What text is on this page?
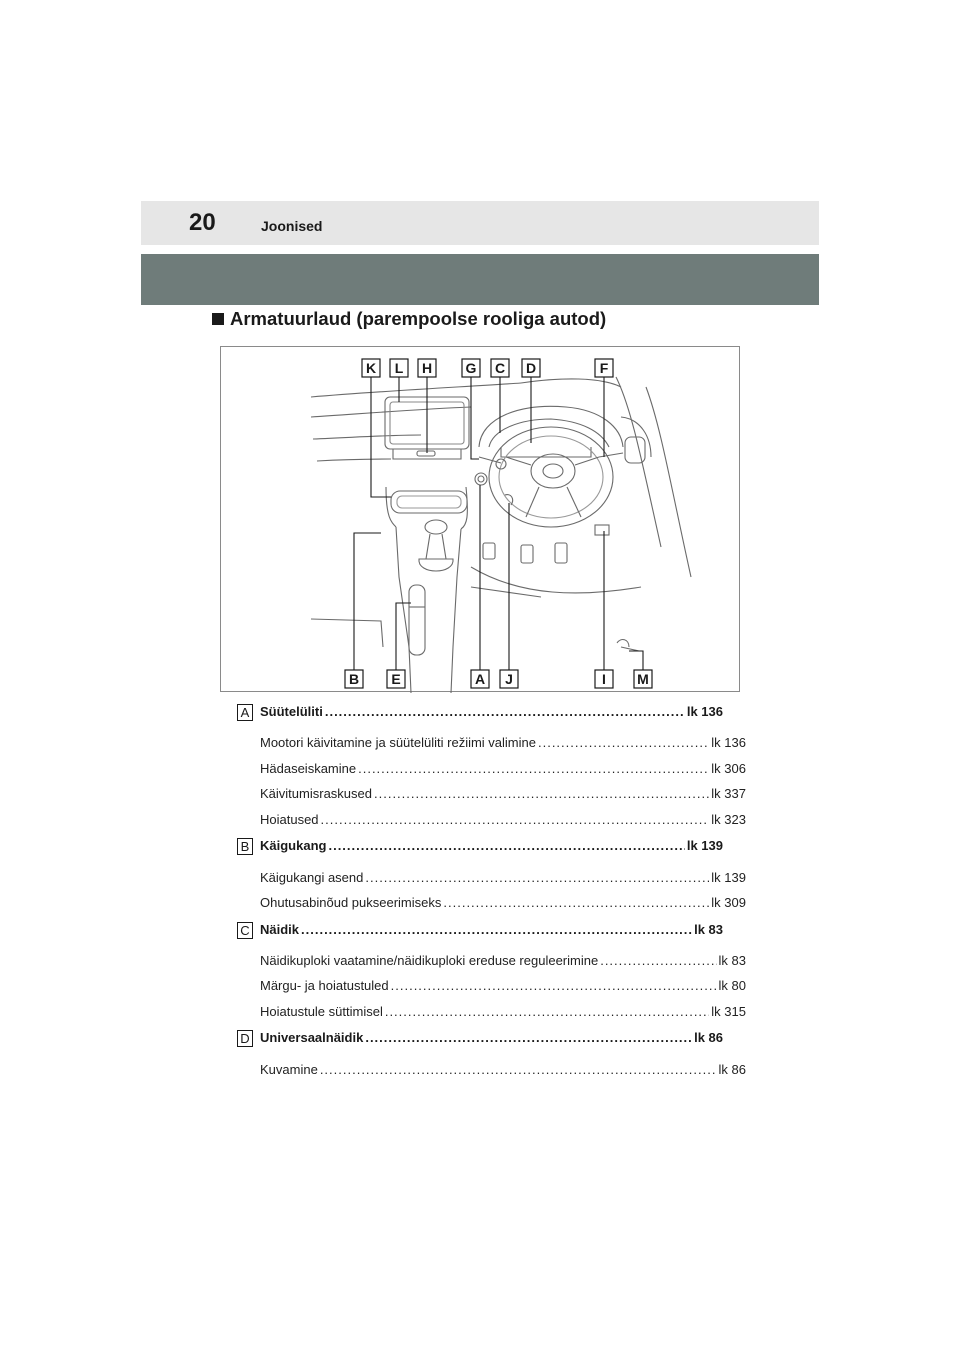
20	Joonised
Armatuurlaud (parempoolse rooliga autod)
K L H G C D	F
B E	A J	I M
A Süütelüliti .....	lk 136
Mootori käivitamine ja süütelüliti režiimi valimine .....	lk 136
Hädaseiskamine .....	lk 306
Käivitumisraskused .....	lk 337
Hoiatused .....	lk 323
B Käigukang .....	lk 139
Käigukangi asend .....	lk 139
Ohutusabinõud pukseerimiseks .....	lk 309
C Näidik .....	lk 83
Näidikuploki vaatamine/näidikuploki ereduse reguleerimine .....	lk 83
Märgu- ja hoiatustuled .....	lk 80
Hoiatustule süttimisel .....	lk 315
D Universaalnäidik .....	lk 86
Kuvamine .....	lk 86
